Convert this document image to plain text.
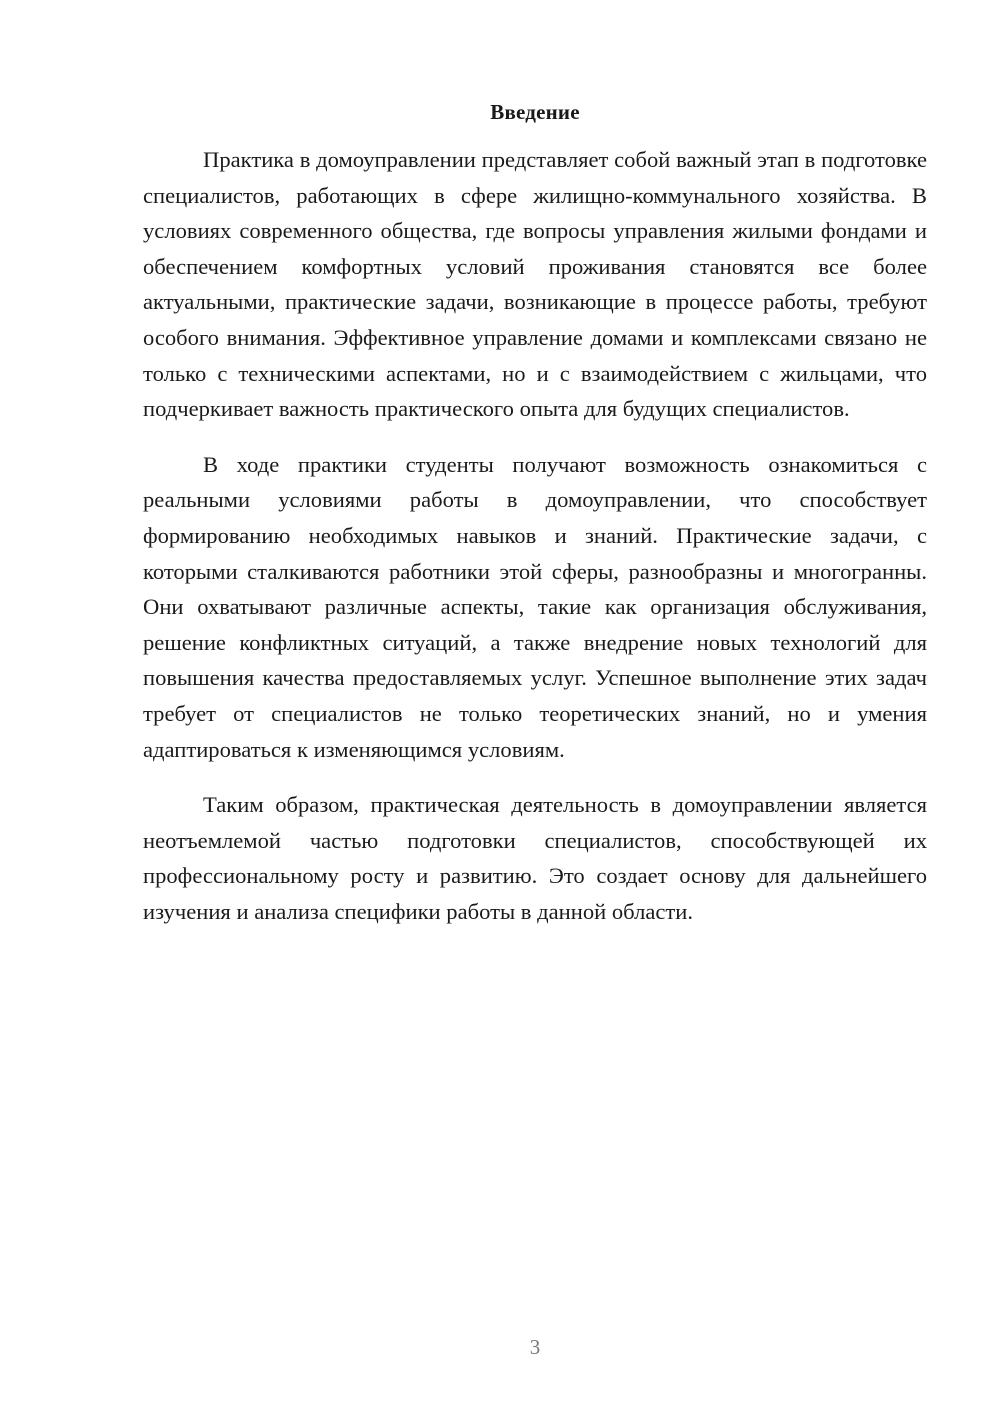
Введение

Практика в домоуправлении представляет собой важный этап в подготовке специалистов, работающих в сфере жилищно-коммунального хозяйства. В условиях современного общества, где вопросы управления жилыми фондами и обеспечением комфортных условий проживания становятся все более актуальными, практические задачи, возникающие в процессе работы, требуют особого внимания. Эффективное управление домами и комплексами связано не только с техническими аспектами, но и с взаимодействием с жильцами, что подчеркивает важность практического опыта для будущих специалистов.

В ходе практики студенты получают возможность ознакомиться с реальными условиями работы в домоуправлении, что способствует формированию необходимых навыков и знаний. Практические задачи, с которыми сталкиваются работники этой сферы, разнообразны и многогранны. Они охватывают различные аспекты, такие как организация обслуживания, решение конфликтных ситуаций, а также внедрение новых технологий для повышения качества предоставляемых услуг. Успешное выполнение этих задач требует от специалистов не только теоретических знаний, но и умения адаптироваться к изменяющимся условиям.

Таким образом, практическая деятельность в домоуправлении является неотъемлемой частью подготовки специалистов, способствующей их профессиональному росту и развитию. Это создает основу для дальнейшего изучения и анализа специфики работы в данной области.

3
